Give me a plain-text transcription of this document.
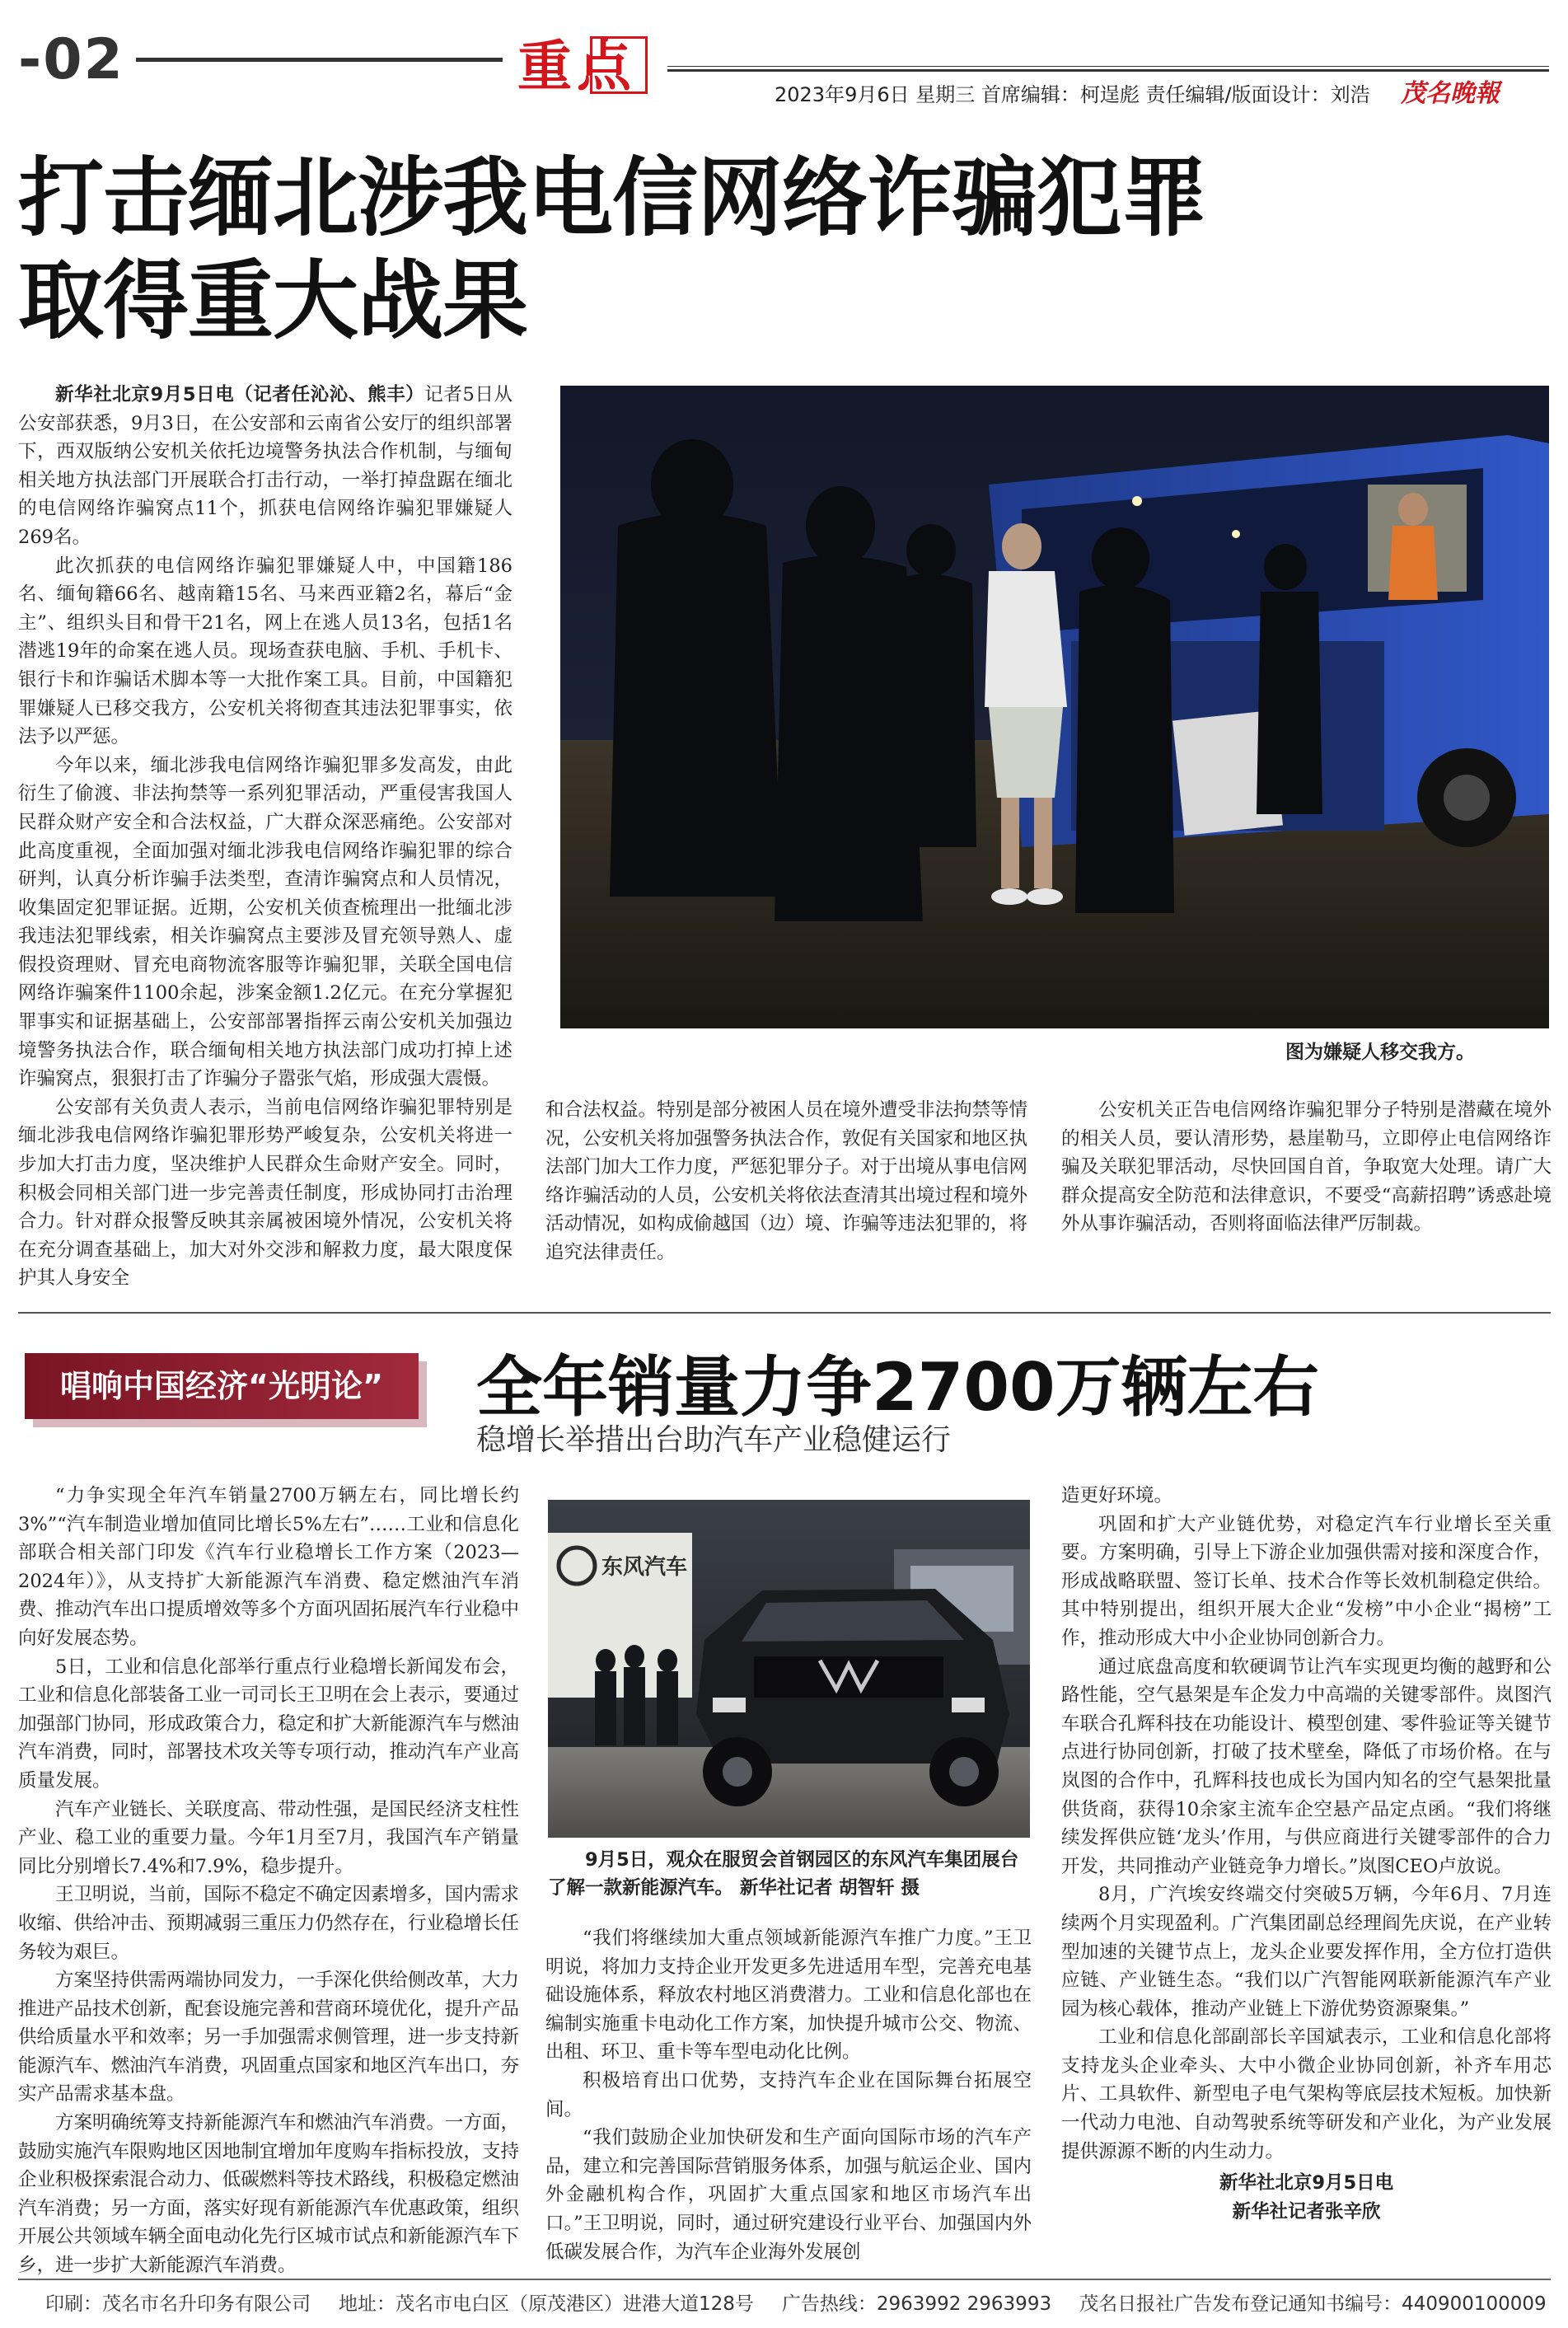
-02	重点	2023年9月6日 星期三 首席编辑：柯逞彪 责任编辑/版面设计：刘浩 茂名晚報
打击缅北涉我电信网络诈骗犯罪
取得重大战果

新华社北京9月5日电（记者任沁沁、熊丰）记者5日从公安部获悉，9月3日，在公安部和云南省公安厅的组织部署下，西双版纳公安机关依托边境警务执法合作机制，与缅甸相关地方执法部门开展联合打击行动，一举打掉盘踞在缅北的电信网络诈骗窝点11个，抓获电信网络诈骗犯罪嫌疑人269名。

此次抓获的电信网络诈骗犯罪嫌疑人中，中国籍186名、缅甸籍66名、越南籍15名、马来西亚籍2名，幕后“金主”、组织头目和骨干21名，网上在逃人员13名，包括1名潜逃19年的命案在逃人员。现场查获电脑、手机、手机卡、银行卡和诈骗话术脚本等一大批作案工具。目前，中国籍犯罪嫌疑人已移交我方，公安机关将彻查其违法犯罪事实，依法予以严惩。

今年以来，缅北涉我电信网络诈骗犯罪多发高发，由此衍生了偷渡、非法拘禁等一系列犯罪活动，严重侵害我国人民群众财产安全和合法权益，广大群众深恶痛绝。公安部对此高度重视，全面加强对缅北涉我电信网络诈骗犯罪的综合研判，认真分析诈骗手法类型，查清诈骗窝点和人员情况，收集固定犯罪证据。近期，公安机关侦查梳理出一批缅北涉我违法犯罪线索，相关诈骗窝点主要涉及冒充领导熟人、虚假投资理财、冒充电商物流客服等诈骗犯罪，关联全国电信网络诈骗案件1100余起，涉案金额1.2亿元。在充分掌握犯罪事实和证据基础上，公安部部署指挥云南公安机关加强边境警务执法合作，联合缅甸相关地方执法部门成功打掉上述诈骗窝点，狠狠打击了诈骗分子嚣张气焰，形成强大震慑。

公安部有关负责人表示，当前电信网络诈骗犯罪特别是缅北涉我电信网络诈骗犯罪形势严峻复杂，公安机关将进一步加大打击力度，坚决维护人民群众生命财产安全。同时，积极会同相关部门进一步完善责任制度，形成协同打击治理合力。针对群众报警反映其亲属被困境外情况，公安机关将在充分调查基础上，加大对外交涉和解救力度，最大限度保护其人身安全

图为嫌疑人移交我方。

和合法权益。特别是部分被困人员在境外遭受非法拘禁等情况，公安机关将加强警务执法合作，敦促有关国家和地区执法部门加大工作力度，严惩犯罪分子。对于出境从事电信网络诈骗活动的人员，公安机关将依法查清其出境过程和境外活动情况，如构成偷越国（边）境、诈骗等违法犯罪的，将追究法律责任。

公安机关正告电信网络诈骗犯罪分子特别是潜藏在境外的相关人员，要认清形势，悬崖勒马，立即停止电信网络诈骗及关联犯罪活动，尽快回国自首，争取宽大处理。请广大群众提高安全防范和法律意识，不要受“高薪招聘”诱惑赴境外从事诈骗活动，否则将面临法律严厉制裁。

唱响中国经济“光明论”	全年销量力争2700万辆左右
稳增长举措出台助汽车产业稳健运行

“力争实现全年汽车销量2700万辆左右，同比增长约3%”“汽车制造业增加值同比增长5%左右”……工业和信息化部联合相关部门印发《汽车行业稳增长工作方案（2023—2024年）》，从支持扩大新能源汽车消费、稳定燃油汽车消费、推动汽车出口提质增效等多个方面巩固拓展汽车行业稳中向好发展态势。

5日，工业和信息化部举行重点行业稳增长新闻发布会，工业和信息化部装备工业一司司长王卫明在会上表示，要通过加强部门协同，形成政策合力，稳定和扩大新能源汽车与燃油汽车消费，同时，部署技术攻关等专项行动，推动汽车产业高质量发展。

汽车产业链长、关联度高、带动性强，是国民经济支柱性产业、稳工业的重要力量。今年1月至7月，我国汽车产销量同比分别增长7.4%和7.9%，稳步提升。

王卫明说，当前，国际不稳定不确定因素增多，国内需求收缩、供给冲击、预期减弱三重压力仍然存在，行业稳增长任务较为艰巨。

方案坚持供需两端协同发力，一手深化供给侧改革，大力推进产品技术创新，配套设施完善和营商环境优化，提升产品供给质量水平和效率；另一手加强需求侧管理，进一步支持新能源汽车、燃油汽车消费，巩固重点国家和地区汽车出口，夯实产品需求基本盘。

方案明确统筹支持新能源汽车和燃油汽车消费。一方面，鼓励实施汽车限购地区因地制宜增加年度购车指标投放，支持企业积极探索混合动力、低碳燃料等技术路线，积极稳定燃油汽车消费；另一方面，落实好现有新能源汽车优惠政策，组织开展公共领域车辆全面电动化先行区城市试点和新能源汽车下乡，进一步扩大新能源汽车消费。

东风汽车
9月5日，观众在服贸会首钢园区的东风汽车集团展台了解一款新能源汽车。 新华社记者 胡智轩 摄

“我们将继续加大重点领域新能源汽车推广力度。”王卫明说，将加力支持企业开发更多先进适用车型，完善充电基础设施体系，释放农村地区消费潜力。工业和信息化部也在编制实施重卡电动化工作方案，加快提升城市公交、物流、出租、环卫、重卡等车型电动化比例。

积极培育出口优势，支持汽车企业在国际舞台拓展空间。

“我们鼓励企业加快研发和生产面向国际市场的汽车产品，建立和完善国际营销服务体系，加强与航运企业、国内外金融机构合作，巩固扩大重点国家和地区市场汽车出口。”王卫明说，同时，通过研究建设行业平台、加强国内外低碳发展合作，为汽车企业海外发展创

造更好环境。

巩固和扩大产业链优势，对稳定汽车行业增长至关重要。方案明确，引导上下游企业加强供需对接和深度合作，形成战略联盟、签订长单、技术合作等长效机制稳定供给。其中特别提出，组织开展大企业“发榜”中小企业“揭榜”工作，推动形成大中小企业协同创新合力。

通过底盘高度和软硬调节让汽车实现更均衡的越野和公路性能，空气悬架是车企发力中高端的关键零部件。岚图汽车联合孔辉科技在功能设计、模型创建、零件验证等关键节点进行协同创新，打破了技术壁垒，降低了市场价格。在与岚图的合作中，孔辉科技也成长为国内知名的空气悬架批量供货商，获得10余家主流车企空悬产品定点函。“我们将继续发挥供应链‘龙头’作用，与供应商进行关键零部件的合力开发，共同推动产业链竞争力增长。”岚图CEO卢放说。

8月，广汽埃安终端交付突破5万辆，今年6月、7月连续两个月实现盈利。广汽集团副总经理阎先庆说，在产业转型加速的关键节点上，龙头企业要发挥作用，全方位打造供应链、产业链生态。“我们以广汽智能网联新能源汽车产业园为核心载体，推动产业链上下游优势资源聚集。”

工业和信息化部副部长辛国斌表示，工业和信息化部将支持龙头企业牵头、大中小微企业协同创新，补齐车用芯片、工具软件、新型电子电气架构等底层技术短板。加快新一代动力电池、自动驾驶系统等研发和产业化，为产业发展提供源源不断的内生动力。

新华社北京9月5日电
新华社记者张辛欣
印刷：茂名市名升印务有限公司 地址：茂名市电白区（原茂港区）进港大道128号 广告热线：2963992 2963993 茂名日报社广告发布登记通知书编号：440900100009
